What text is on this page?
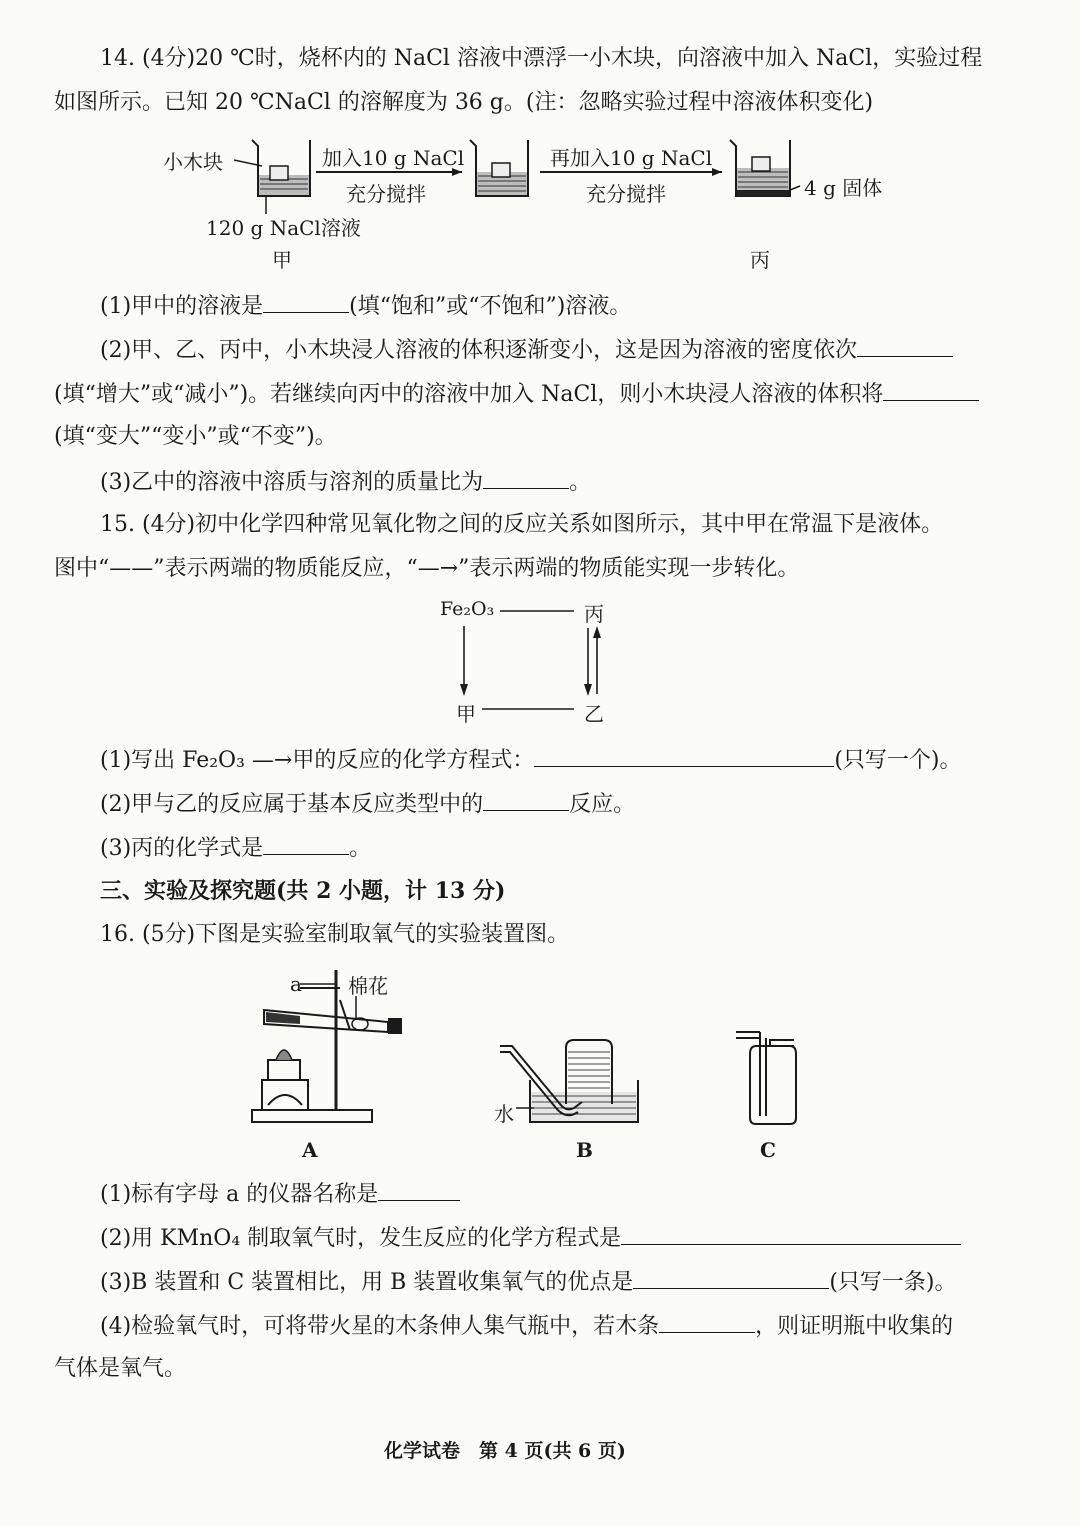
14. (4分)20 ℃时，烧杯内的 NaCl 溶液中漂浮一小木块，向溶液中加入 NaCl，实验过程
如图所示。已知 20 ℃NaCl 的溶解度为 36 g。(注：忽略实验过程中溶液体积变化)
小木块	加入10 g NaCl
充分搅拌
再加入10 g NaCl
充分搅拌	4 g 固体
120 g NaCl溶液
甲	丙
(1)甲中的溶液是	(填“饱和”或“不饱和”)溶液。
(2)甲、乙、丙中，小木块浸人溶液的体积逐渐变小，这是因为溶液的密度依次
(填“增大”或“减小”)。若继续向丙中的溶液中加入 NaCl，则小木块浸人溶液的体积将
(填“变大”“变小”或“不变”)。
(3)乙中的溶液中溶质与溶剂的质量比为	。
15. (4分)初中化学四种常见氧化物之间的反应关系如图所示，其中甲在常温下是液体。
图中“——”表示两端的物质能反应，“—→”表示两端的物质能实现一步转化。
Fe₂O₃	丙
甲	乙
(1)写出 Fe₂O₃ —→甲的反应的化学方程式：	(只写一个)。
(2)甲与乙的反应属于基本反应类型中的	反应。
(3)丙的化学式是	。
三、实验及探究题(共 2 小题，计 13 分)
16. (5分)下图是实验室制取氧气的实验装置图。
a 棉花
水
A	B	C
(1)标有字母 a 的仪器名称是
(2)用 KMnO₄ 制取氧气时，发生反应的化学方程式是
(3)B 装置和 C 装置相比，用 B 装置收集氧气的优点是	(只写一条)。
(4)检验氧气时，可将带火星的木条伸人集气瓶中，若木条	，则证明瓶中收集的
气体是氧气。
化学试卷　第 4 页(共 6 页)
